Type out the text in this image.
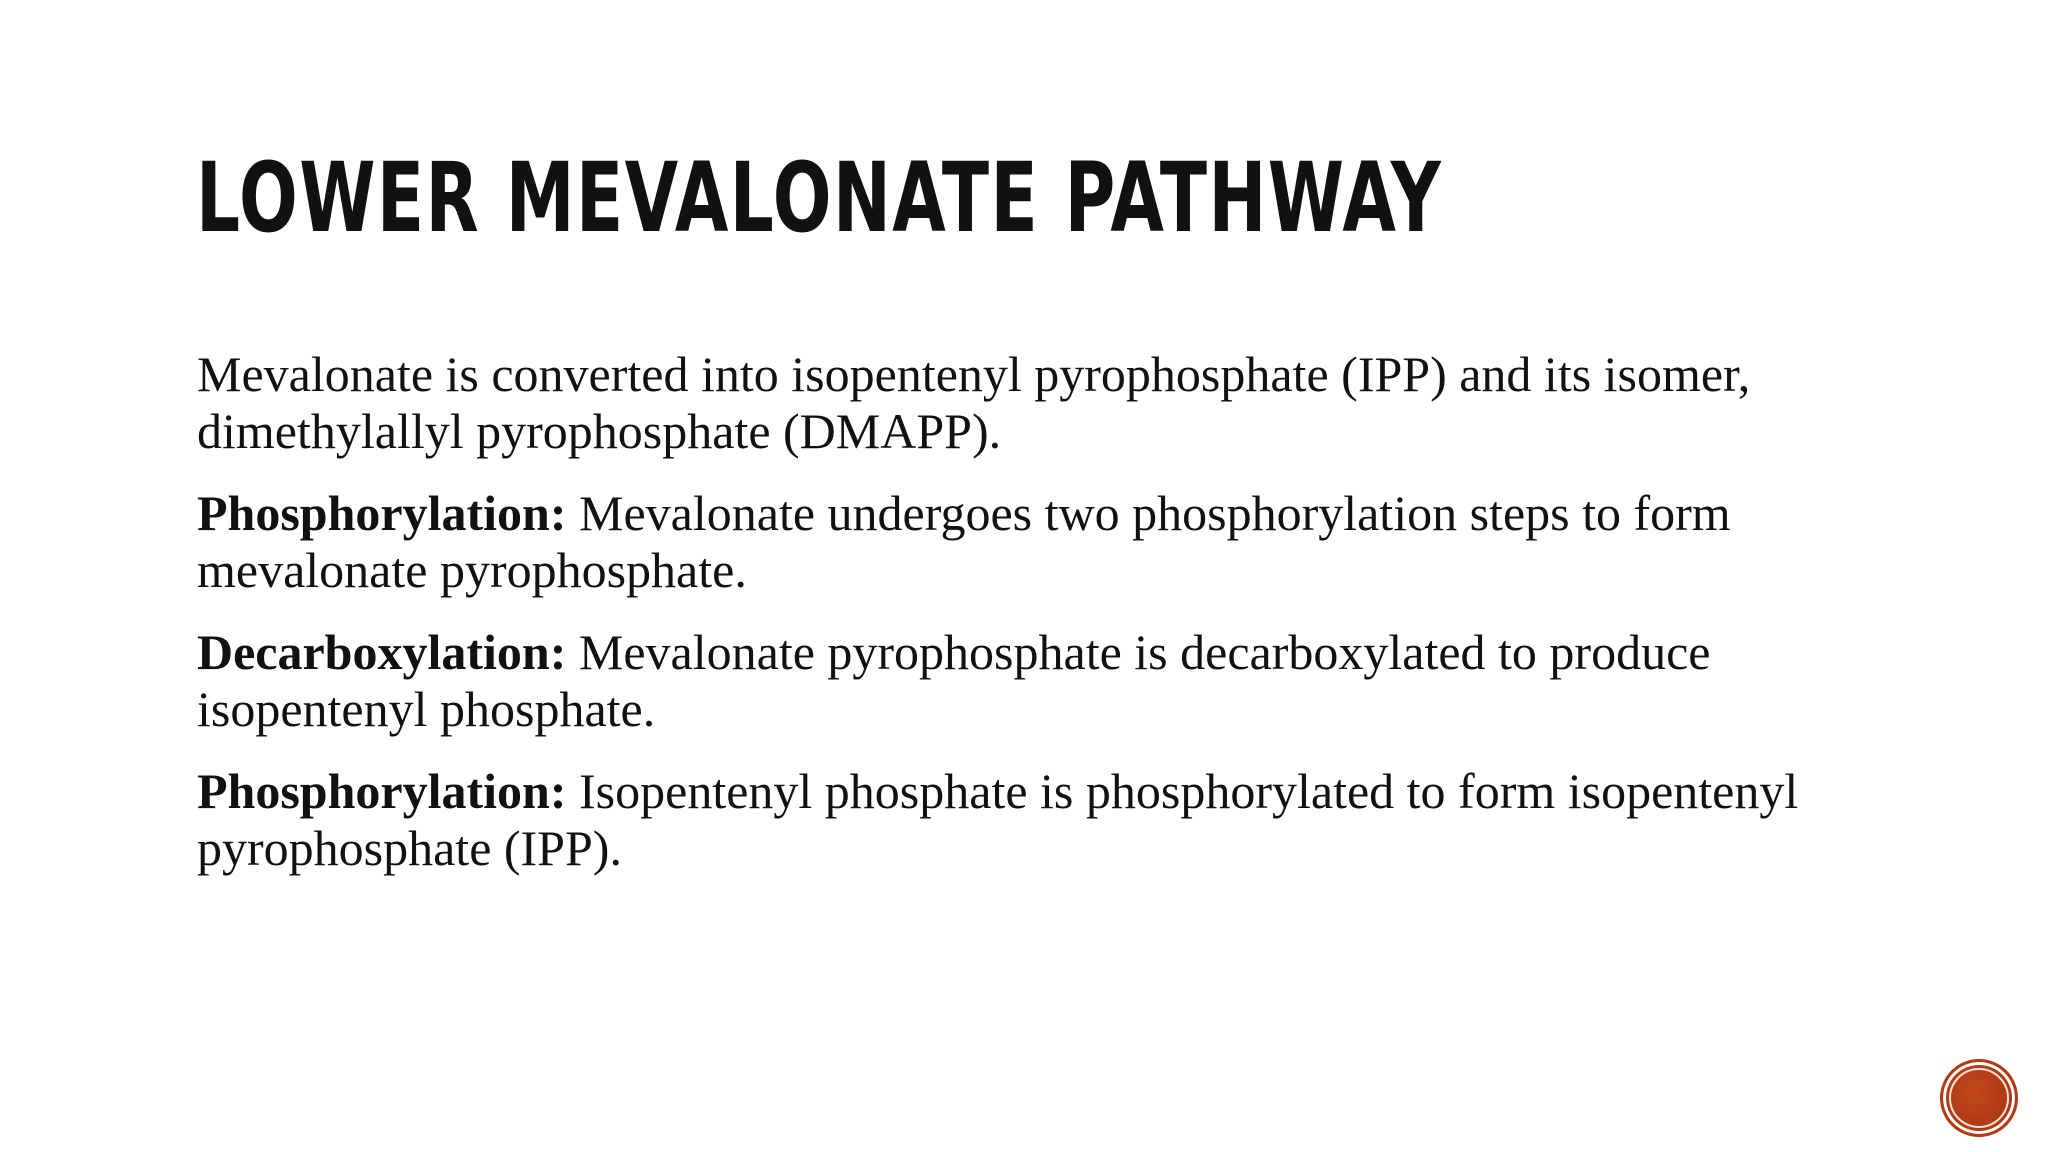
LOWER MEVALONATE PATHWAY

Mevalonate is converted into isopentenyl pyrophosphate (IPP) and its isomer, dimethylallyl pyrophosphate (DMAPP).

Phosphorylation: Mevalonate undergoes two phosphorylation steps to form mevalonate pyrophosphate.

Decarboxylation: Mevalonate pyrophosphate is decarboxylated to produce isopentenyl phosphate.

Phosphorylation: Isopentenyl phosphate is phosphorylated to form isopentenyl pyrophosphate (IPP).
